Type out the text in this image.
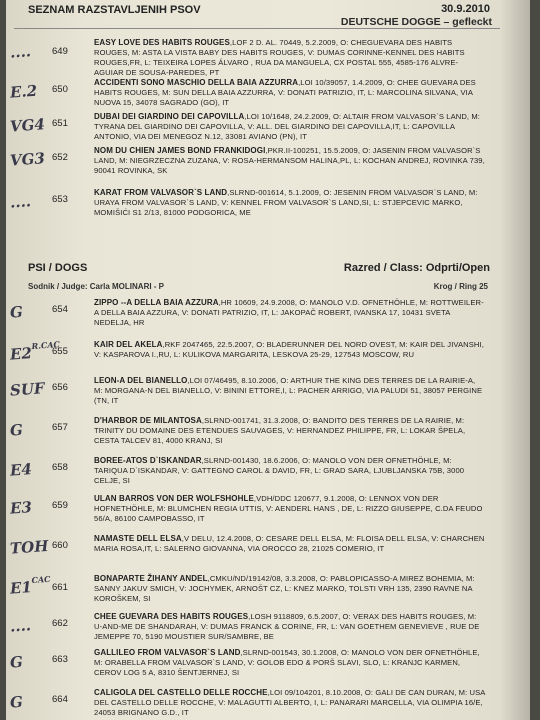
SEZNAM RAZSTAVLJENIH PSOV	30.9.2010
DEUTSCHE DOGGE – gefleckt
....	649
EASY LOVE DES HABITS ROUGES,LOF 2 D. AL. 70449, 5.2.2009, O: CHEGUEVARA DES HABITS ROUGES, M: ASTA LA VISTA BABY DES HABITS ROUGES, V: DUMAS CORINNE-KENNEL DES HABITS ROUGES,FR, L: TEIXEIRA LOPES ÁLVARO , RUA DA MANGUELA, CX POSTAL 555, 4585-176 ALVRE-AGUIAR DE SOUSA-PAREDES, PT
E.2	650
ACCIDENTI SONO MASCHIO DELLA BAIA AZZURRA,LOI 10/39057, 1.4.2009, O: CHEE GUEVARA DES HABITS ROUGES, M: SUN DELLA BAIA AZZURRA, V: DONATI PATRIZIO, IT, L: MARCOLINA SILVANA, VIA NUOVA 15, 34078 SAGRADO (GO), IT
VG4 651
DUBAI DEI GIARDINO DEI CAPOVILLA,LOI 10/1648, 24.2.2009, O: ALTAIR FROM VALVASOR`S LAND, M: TYRANA DEL GIARDINO DEI CAPOVILLA, V: ALL. DEL GIARDINO DEI CAPOVILLA,IT, L: CAPOVILLA ANTONIO, VIA DEI MENEGOZ N.12, 33081 AVIANO (PN), IT
VG3 652
NOM DU CHIEN JAMES BOND FRANKIDOGI,PKR.II-100251, 15.5.2009, O: JASENIN FROM VALVASOR`S LAND, M: NIEGRZECZNA ZUZANA, V: ROSA-HERMANSOM HALINA,PL, L: KOCHAN ANDREJ, ROVINKA 739, 90041 ROVINKA, SK
....	653
KARAT FROM VALVASOR`S LAND,SLRND-001614, 5.1.2009, O: JESENIN FROM VALVASOR`S LAND, M: URAYA FROM VALVASOR`S LAND, V: KENNEL FROM VALVASOR`S LAND,SI, L: STJEPCEVIC MARKO, MOMIŠIĆI S1 2/13, 81000 PODGORICA, ME
PSI / DOGS	Razred / Class: Odprti/Open
Sodnik / Judge: Carla MOLINARI - P	Krog / Ring 25
G	654
ZIPPO --A DELLA BAIA AZZURA,HR 10609, 24.9.2008, O: MANOLO V.D. OFNETHÖHLE, M: ROTTWEILER-A DELLA BAIA AZZURA, V: DONATI PATRIZIO, IT, L: JAKOPAČ ROBERT, IVANSKA 17, 10431 SVETA NEDELJA, HR
E2
R.CAC
655
KAIR DEL AKELA,RKF 2047465, 22.5.2007, O: BLADERUNNER DEL NORD OVEST, M: KAIR DEL JIVANSHI, V: KASPAROVA I.,RU, L: KULIKOVA MARGARITA, LESKOVA 25-29, 127543 MOSCOW, RU
SUF 656
LEON-A DEL BIANELLO,LOI 07/46495, 8.10.2006, O: ARTHUR THE KING DES TERRES DE LA RAIRIE-A, M: MORGANA-N DEL BIANELLO, V: BININI ETTORE,I, L: PACHER ARRIGO, VIA PALUDI 51, 38057 PERGINE (TN, IT
G	657
D'HARBOR DE MILANTOSA,SLRND-001741, 31.3.2008, O: BANDITO DES TERRES DE LA RAIRIE, M: TRINITY DU DOMAINE DES ETENDUES SAUVAGES, V: HERNANDEZ PHILIPPE, FR, L: LOKAR ŠPELA, CESTA TALCEV 81, 4000 KRANJ, SI
E4	658
BOREE-ATOS D`ISKANDAR,SLRND-001430, 18.6.2006, O: MANOLO VON DER OFNETHÖHLE, M: TARIQUA D`ISKANDAR, V: GATTEGNO CAROL & DAVID, FR, L: GRAD SARA, LJUBLJANSKA 75B, 3000 CELJE, SI
E3	659
ULAN BARROS VON DER WOLFSHOHLE,VDH/DDC 120677, 9.1.2008, O: LENNOX VON DER HOFNETHÖHLE, M: BLUMCHEN REGIA UTTIS, V: AENDERL HANS , DE, L: RIZZO GIUSEPPE, C.DA FEUDO 56/A, 86100 CAMPOBASSO, IT
TOH 660
NAMASTE DELL ELSA,V DELU, 12.4.2008, O: CESARE DELL ELSA, M: FLOISA DELL ELSA, V: CHARCHEN MARIA ROSA,IT, L: SALERNO GIOVANNA, VIA OROCCO 28, 21025 COMERIO, IT
E1
CAC
661
BONAPARTE ŽIHANY ANDEL,CMKU/ND/19142/08, 3.3.2008, O: PABLOPICASSO-A MIREZ BOHEMIA, M: SANNY JAKUV SMICH, V: JOCHYMEK, ARNOŠT CZ, L: KNEZ MARKO, TOLSTI VRH 135, 2390 RAVNE NA KOROŠKEM, SI
....	662
CHEE GUEVARA DES HABITS ROUGES,LOSH 9118809, 6.5.2007, O: VERAX DES HABITS ROUGES, M: U-AND-ME DE SHANDARAH, V: DUMAS FRANCK & CORINE, FR, L: VAN GOETHEM GENEVIEVE , RUE DE JEMEPPE 70, 5190 MOUSTIER SUR/SAMBRE, BE
G	663
GALLILEO FROM VALVASOR`S LAND,SLRND-001543, 30.1.2008, O: MANOLO VON DER OFNETHÖHLE, M: ORABELLA FROM VALVASOR`S LAND, V: GOLOB EDO & PORŠ SLAVI, SLO, L: KRANJC KARMEN, CEROV LOG 5 A, 8310 ŠENTJERNEJ, SI
G	664
CALIGOLA DEL CASTELLO DELLE ROCCHE,LOI 09/104201, 8.10.2008, O: GALI DE CAN DURAN, M: USA DEL CASTELLO DELLE ROCCHE, V: MALAGUTTI ALBERTO, I, L: PANARARI MARCELLA, VIA OLIMPIA 16/E, 24053 BRIGNANO G.D., IT
